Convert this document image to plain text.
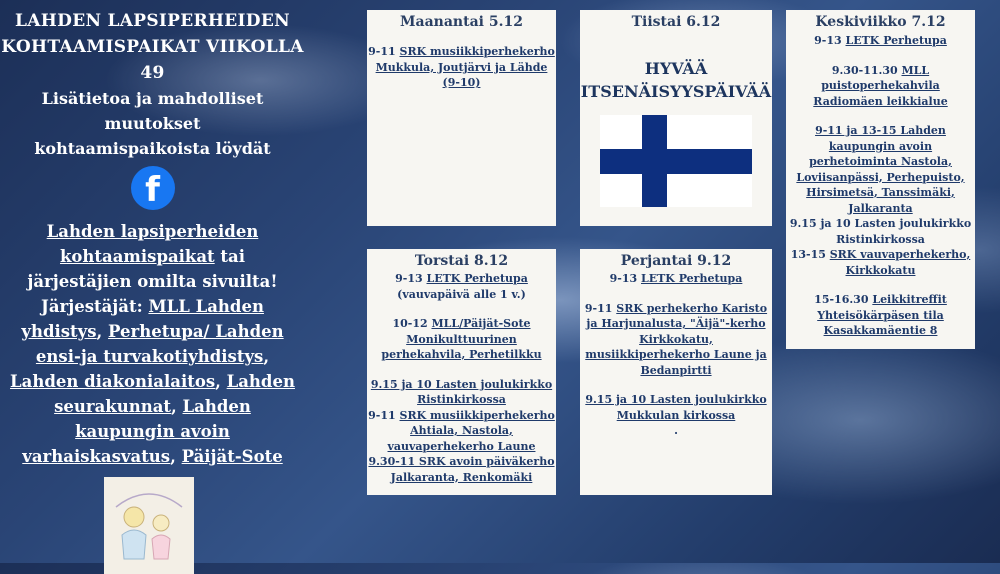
LAHDEN LAPSIPERHEIDEN
KOHTAAMISPAIKAT VIIKOLLA
49
Lisätietoa ja mahdolliset
muutokset
kohtaamispaikoista löydät
f
Lahden lapsiperheiden
kohtaamispaikat tai
järjestäjien omilta sivuilta!
Järjestäjät: MLL Lahden yhdistys, Perhetupa/ Lahden ensi-ja turvakotiyhdistys, Lahden diakonialaitos, Lahden seurakunnat, Lahden kaupungin avoin varhaiskasvatus, Päijät-Sote
Maanantai 5.12

9-11 SRK musiikkiperhekerho Mukkula, Joutjärvi ja Lähde (9-10)

Tiistai 6.12
HYVÄÄ
ITSENÄISYYSPÄIVÄÄ
Keskiviikko 7.12

9-13 LETK Perhetupa

9.30-11.30 MLL puistoperhekahvila Radiomäen leikkialue

9-11 ja 13-15 Lahden kaupungin avoin perhetoiminta Nastola, Loviisanpässi, Perhepuisto, Hirsimetsä, Tanssimäki, Jalkaranta

9.15 ja 10 Lasten joulukirkko Ristinkirkossa

13-15 SRK vauvaperhekerho, Kirkkokatu

15-16.30 Leikkitreffit Yhteisökärpäsen tila Kasakkamäentie 8

Torstai 8.12

9-13 LETK Perhetupa

(vauvapäivä alle 1 v.)

10-12 MLL/Päijät-Sote Monikulttuurinen perhekahvila, Perhetilkku

9.15 ja 10 Lasten joulukirkko Ristinkirkossa

9-11 SRK musiikkiperhekerho Ahtiala, Nastola, vauvaperhekerho Laune

9.30-11 SRK avoin päiväkerho Jalkaranta, Renkomäki

Perjantai 9.12

9-13 LETK Perhetupa

9-11 SRK perhekerho Karisto ja Harjunalusta, "Äijä"-kerho Kirkkokatu, musiikkiperhekerho Laune ja Bedanpirtti

9.15 ja 10 Lasten joulukirkko Mukkulan kirkossa

.
